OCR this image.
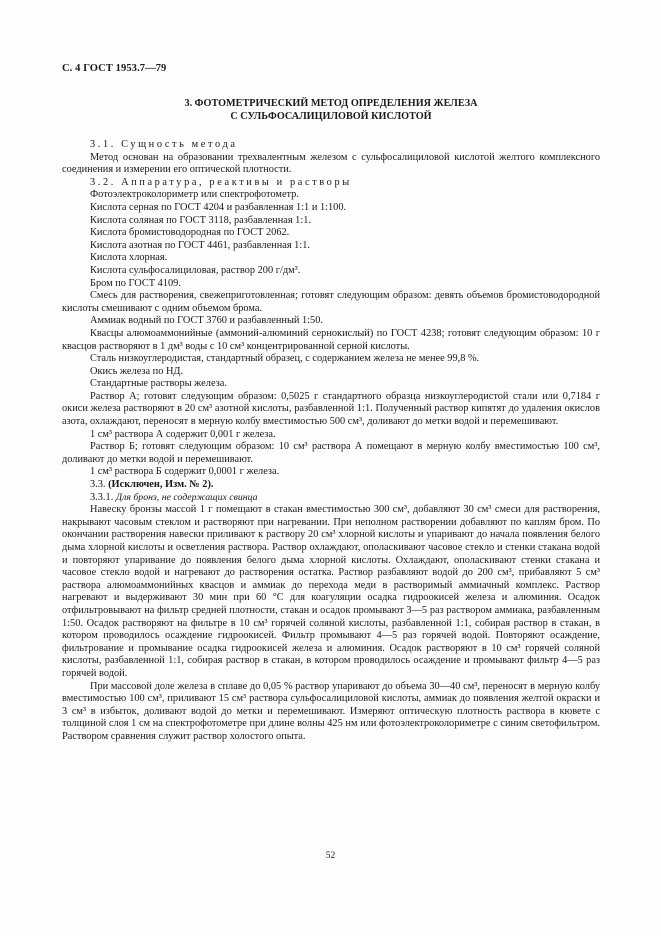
С. 4 ГОСТ 1953.7—79
3. ФОТОМЕТРИЧЕСКИЙ МЕТОД ОПРЕДЕЛЕНИЯ ЖЕЛЕЗА
С СУЛЬФОСАЛИЦИЛОВОЙ КИСЛОТОЙ

3.1. Сущность метода

Метод основан на образовании трехвалентным железом с сульфосалициловой кислотой желтого комплексного соединения и измерении его оптической плотности.

3.2. Аппаратура, реактивы и растворы

Фотоэлектроколориметр или спектрофотометр.

Кислота серная по ГОСТ 4204 и разбавленная 1:1 и 1:100.

Кислота соляная по ГОСТ 3118, разбавленная 1:1.

Кислота бромистоводородная по ГОСТ 2062.

Кислота азотная по ГОСТ 4461, разбавленная 1:1.

Кислота хлорная.

Кислота сульфосалициловая, раствор 200 г/дм³.

Бром по ГОСТ 4109.

Смесь для растворения, свежеприготовленная; готовят следующим образом: девять объемов бромистоводородной кислоты смешивают с одним объемом брома.

Аммиак водный по ГОСТ 3760 и разбавленный 1:50.

Квасцы алюмоаммонийные (аммоний-алюминий сернокислый) по ГОСТ 4238; готовят следующим образом: 10 г квасцов растворяют в 1 дм³ воды с 10 см³ концентрированной серной кислоты.

Сталь низкоуглеродистая, стандартный образец, с содержанием железа не менее 99,8 %.

Окись железа по НД.

Стандартные растворы железа.

Раствор А; готовят следующим образом: 0,5025 г стандартного образца низкоуглеродистой стали или 0,7184 г окиси железа растворяют в 20 см³ азотной кислоты, разбавленной 1:1. Полученный раствор кипятят до удаления окислов азота, охлаждают, переносят в мерную колбу вместимостью 500 см³, доливают до метки водой и перемешивают.

1 см³ раствора А содержит 0,001 г железа.

Раствор Б; готовят следующим образом: 10 см³ раствора А помещают в мерную колбу вместимостью 100 см³, доливают до метки водой и перемешивают.

1 см³ раствора Б содержит 0,0001 г железа.

3.3. (Исключен, Изм. № 2).

3.3.1. Для бронз, не содержащих свинца

Навеску бронзы массой 1 г помещают в стакан вместимостью 300 см³, добавляют 30 см³ смеси для растворения, накрывают часовым стеклом и растворяют при нагревании. При неполном растворении добавляют по каплям бром. По окончании растворения навески приливают к раствору 20 см³ хлорной кислоты и упаривают до начала появления белого дыма хлорной кислоты и осветления раствора. Раствор охлаждают, ополаскивают часовое стекло и стенки стакана водой и повторяют упаривание до появления белого дыма хлорной кислоты. Охлаждают, ополаскивают стенки стакана и часовое стекло водой и нагревают до растворения остатка. Раствор разбавляют водой до 200 см³, прибавляют 5 см³ раствора алюмоаммонийных квасцов и аммиак до перехода меди в растворимый аммиачный комплекс. Раствор нагревают и выдерживают 30 мин при 60 °С для коагуляции осадка гидроокисей железа и алюминия. Осадок отфильтровывают на фильтр средней плотности, стакан и осадок промывают 3—5 раз раствором аммиака, разбавленным 1:50. Осадок растворяют на фильтре в 10 см³ горячей соляной кислоты, разбавленной 1:1, собирая раствор в стакан, в котором проводилось осаждение гидроокисей. Фильтр промывают 4—5 раз горячей водой. Повторяют осаждение, фильтрование и промывание осадка гидроокисей железа и алюминия. Осадок растворяют в 10 см³ горячей соляной кислоты, разбавленной 1:1, собирая раствор в стакан, в котором проводилось осаждение и промывают фильтр 4—5 раз горячей водой.

При массовой доле железа в сплаве до 0,05 % раствор упаривают до объема 30—40 см³, переносят в мерную колбу вместимостью 100 см³, приливают 15 см³ раствора сульфосалициловой кислоты, аммиак до появления желтой окраски и 3 см³ в избыток, доливают водой до метки и перемешивают. Измеряют оптическую плотность раствора в кювете с толщиной слоя 1 см на спектрофотометре при длине волны 425 нм или фотоэлектроколориметре с синим светофильтром. Раствором сравнения служит раствор холостого опыта.

52
